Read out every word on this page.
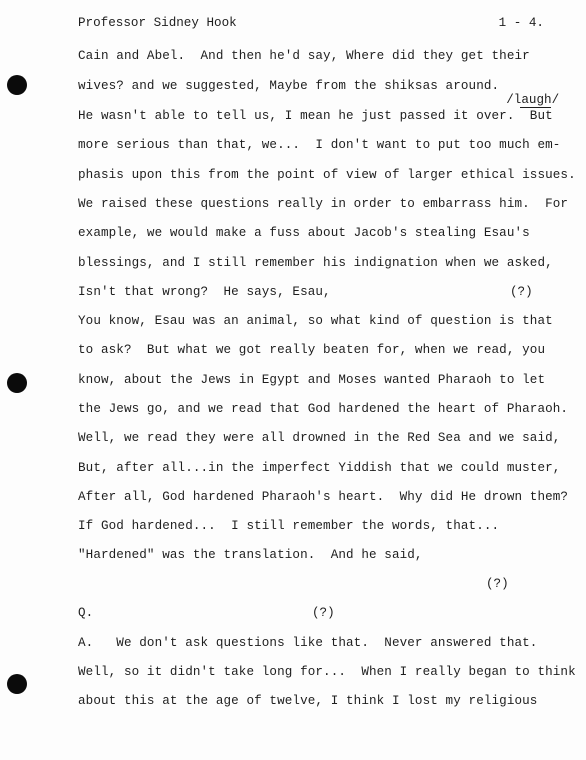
Professor Sidney Hook	1 - 4.
Cain and Abel.  And then he'd say, Where did they get their
wives? and we suggested, Maybe from the shiksas around.

/laugh/

He wasn't able to tell us, I mean he just passed it over.  But
more serious than that, we...  I don't want to put too much em-
phasis upon this from the point of view of larger ethical issues.
We raised these questions really in order to embarrass him.  For
example, we would make a fuss about Jacob's stealing Esau's
blessings, and I still remember his indignation when we asked,
Isn't that wrong?  He says, Esau,	(?)
You know, Esau was an animal, so what kind of question is that
to ask?  But what we got really beaten for, when we read, you
know, about the Jews in Egypt and Moses wanted Pharaoh to let
the Jews go, and we read that God hardened the heart of Pharaoh.
Well, we read they were all drowned in the Red Sea and we said,
But, after all...in the imperfect Yiddish that we could muster,
After all, God hardened Pharaoh's heart.  Why did He drown them?
If God hardened...  I still remember the words, that...
"Hardened" was the translation.  And he said,
(?)
Q.	(?)
A.   We don't ask questions like that.  Never answered that.
Well, so it didn't take long for...  When I really began to think
about this at the age of twelve, I think I lost my religious
